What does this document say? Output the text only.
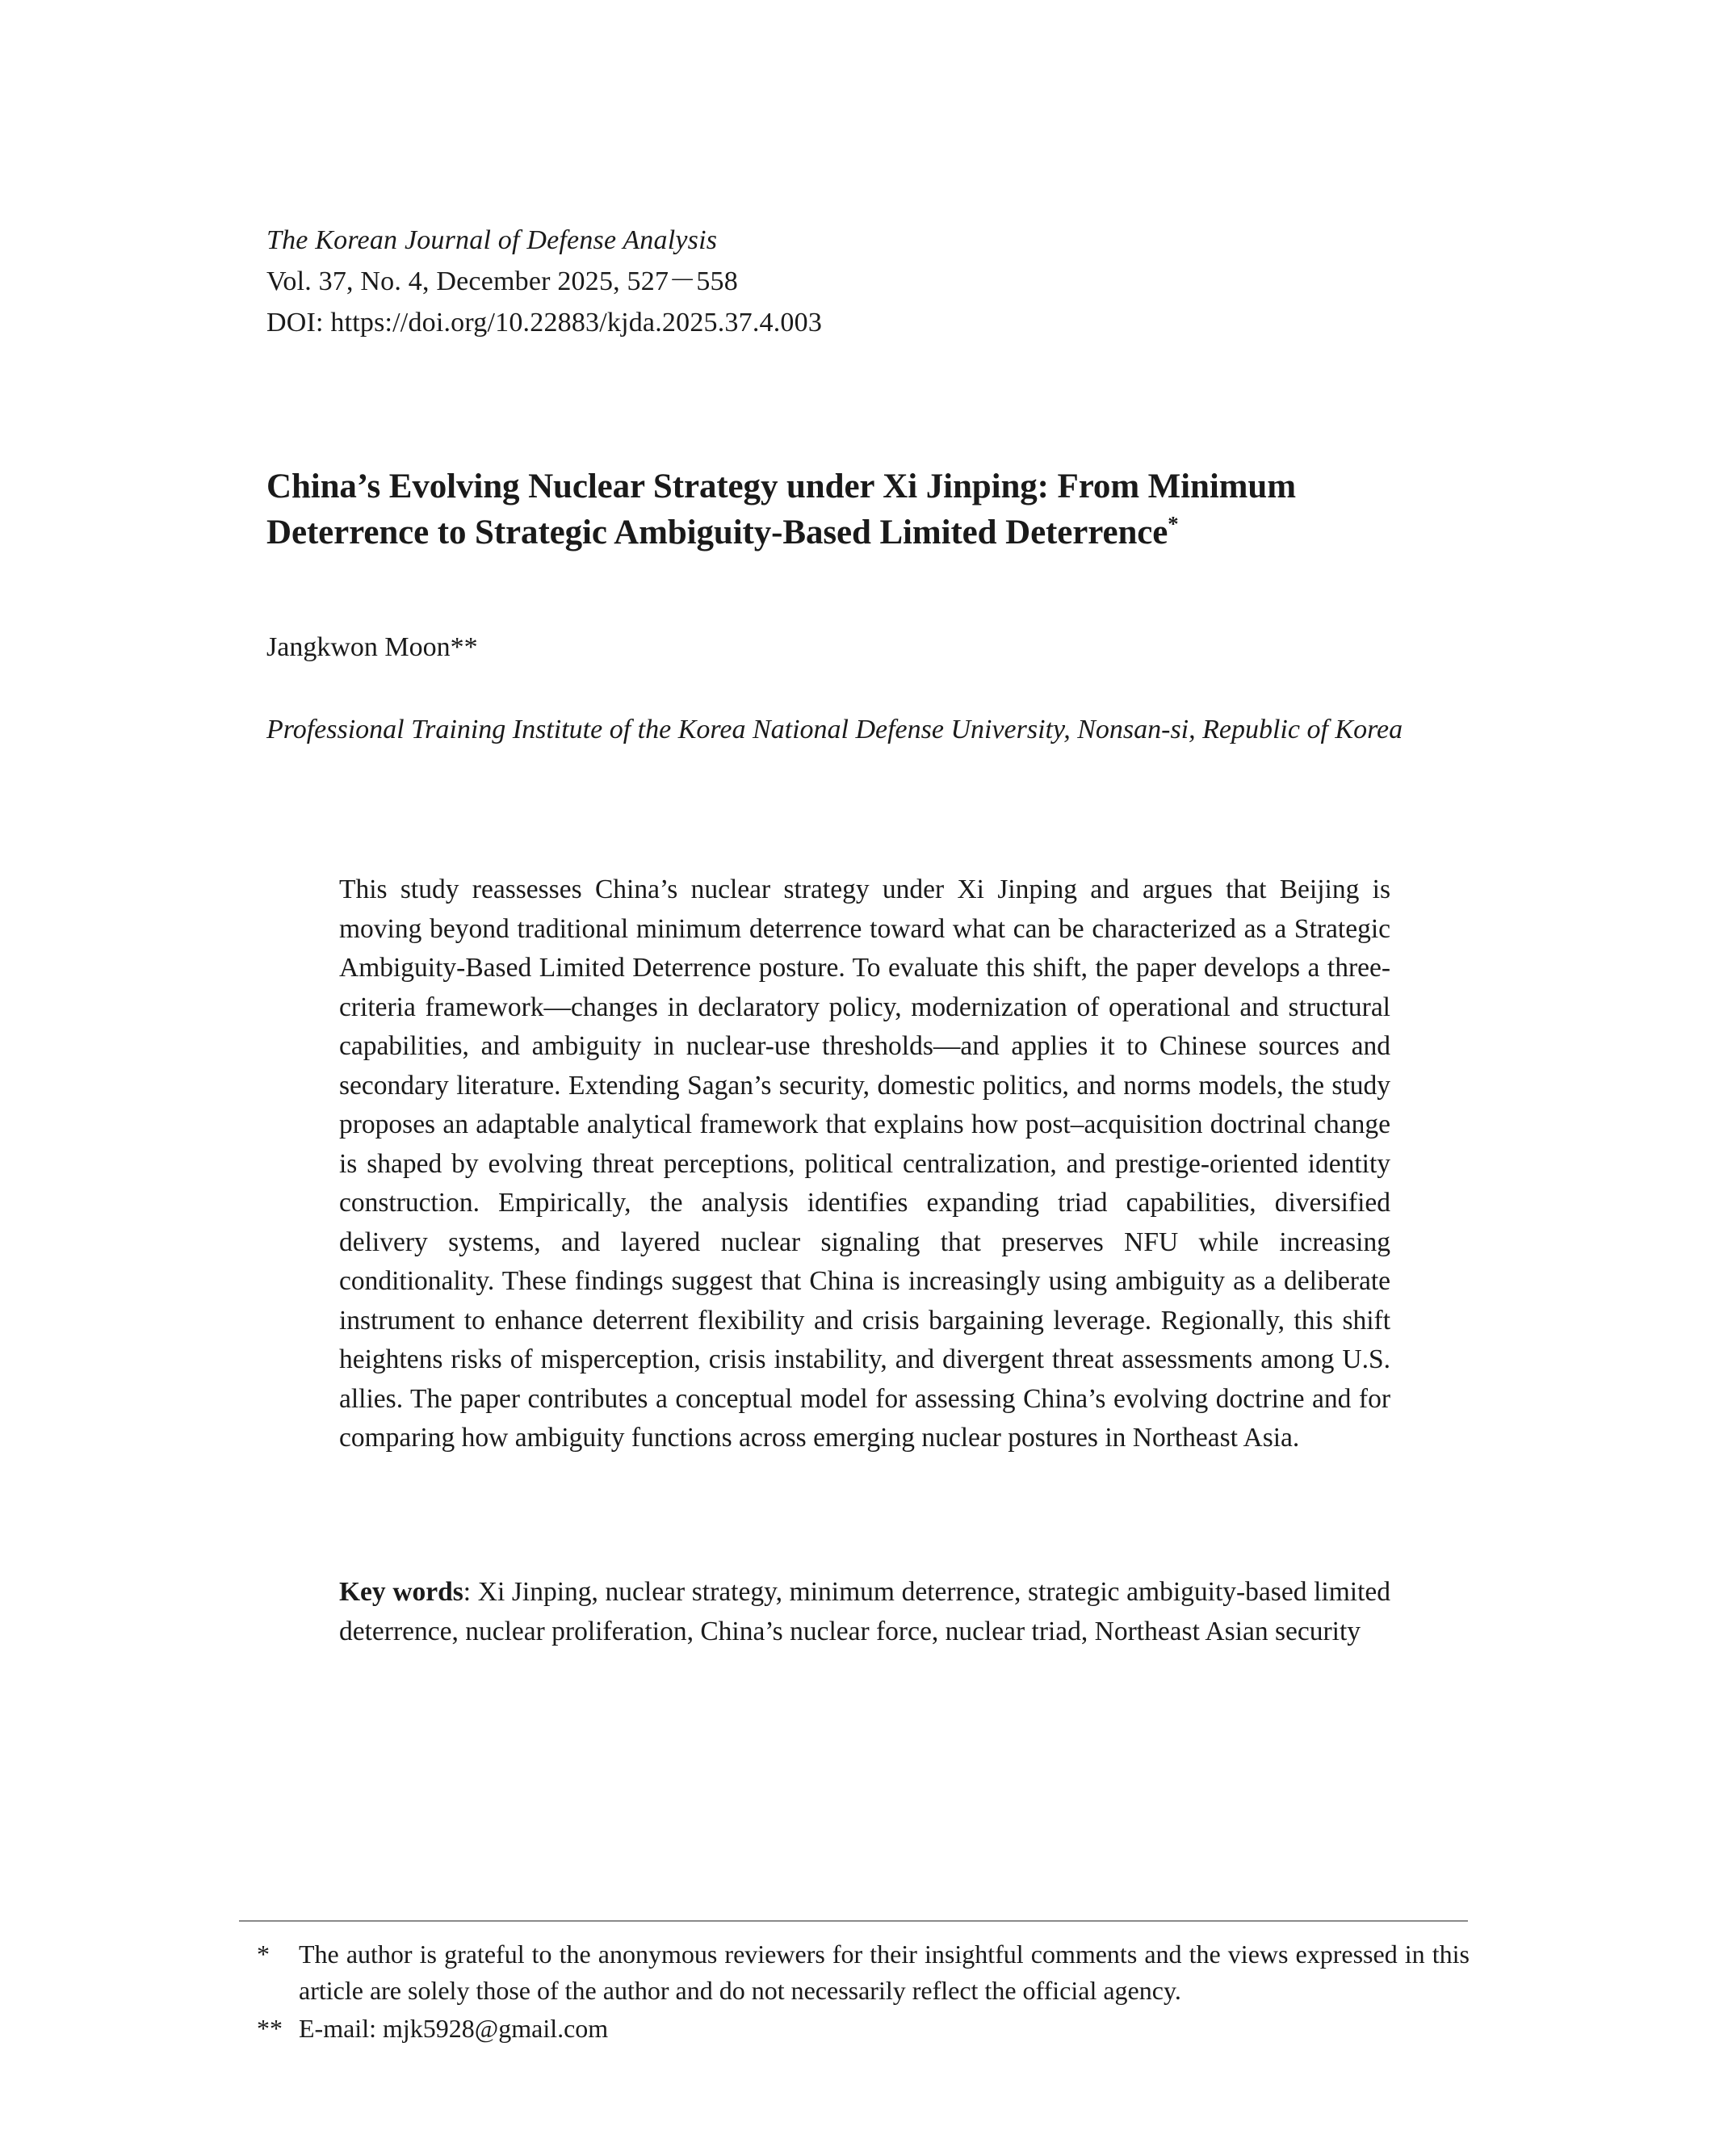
The Korean Journal of Defense Analysis
Vol. 37, No. 4, December 2025, 527－558
DOI: https://doi.org/10.22883/kjda.2025.37.4.003
China’s Evolving Nuclear Strategy under Xi Jinping: From Minimum Deterrence to Strategic Ambiguity-Based Limited Deterrence*
Jangkwon Moon**
Professional Training Institute of the Korea National Defense University, Nonsan-si, Republic of Korea

This study reassesses China’s nuclear strategy under Xi Jinping and argues that Beijing is moving beyond traditional minimum deterrence toward what can be characterized as a Strategic Ambiguity-Based Limited Deterrence posture. To evaluate this shift, the paper develops a three-criteria framework—changes in declaratory policy, modernization of operational and structural capabilities, and ambiguity in nuclear-use thresholds—and applies it to Chinese sources and secondary literature. Extending Sagan’s security, domestic politics, and norms models, the study proposes an adaptable analytical framework that explains how post–acquisition doctrinal change is shaped by evolving threat perceptions, political centralization, and prestige-oriented identity construction. Empirically, the analysis identifies expanding triad capabilities, diversified delivery systems, and layered nuclear signaling that preserves NFU while increasing conditionality. These findings suggest that China is increasingly using ambiguity as a deliberate instrument to enhance deterrent flexibility and crisis bargaining leverage. Regionally, this shift heightens risks of misperception, crisis instability, and divergent threat assessments among U.S. allies. The paper contributes a conceptual model for assessing China’s evolving doctrine and for comparing how ambiguity functions across emerging nuclear postures in Northeast Asia.

Key words: Xi Jinping, nuclear strategy, minimum deterrence, strategic ambiguity-based limited deterrence, nuclear proliferation, China’s nuclear force, nuclear triad, Northeast Asian security
*	The author is grateful to the anonymous reviewers for their insightful comments and the views expressed in this article are solely those of the author and do not necessarily reflect the official agency.
** E-mail: mjk5928@gmail.com
